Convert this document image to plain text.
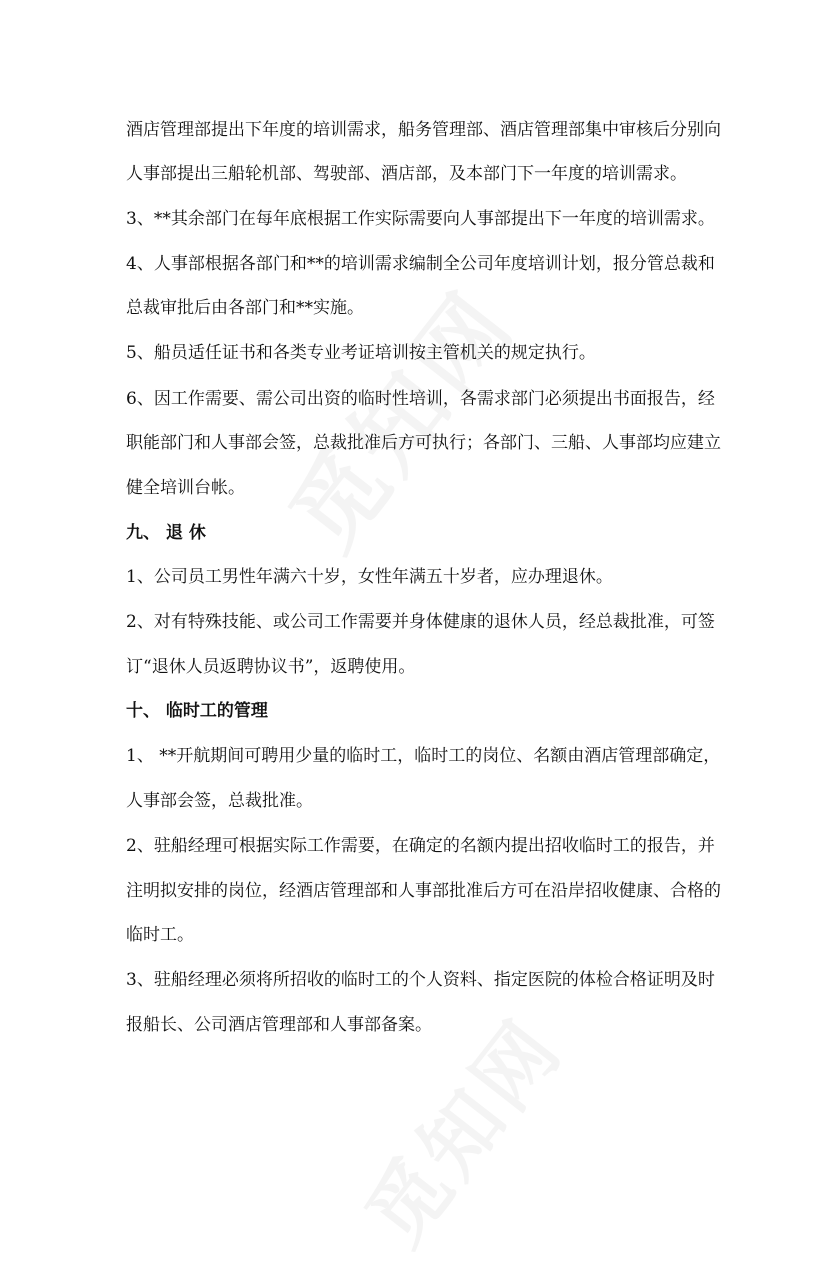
酒店管理部提出下年度的培训需求，船务管理部、酒店管理部集中审核后分别向
人事部提出三船轮机部、驾驶部、酒店部，及本部门下一年度的培训需求。
3、**其余部门在每年底根据工作实际需要向人事部提出下一年度的培训需求。
4、人事部根据各部门和**的培训需求编制全公司年度培训计划，报分管总裁和
总裁审批后由各部门和**实施。
5、船员适任证书和各类专业考证培训按主管机关的规定执行。
6、因工作需要、需公司出资的临时性培训，各需求部门必须提出书面报告，经
职能部门和人事部会签，总裁批准后方可执行；各部门、三船、人事部均应建立
健全培训台帐。
九、 退 休
1、公司员工男性年满六十岁，女性年满五十岁者，应办理退休。
2、对有特殊技能、或公司工作需要并身体健康的退休人员，经总裁批准，可签
订“退休人员返聘协议书”，返聘使用。
十、 临时工的管理
1、 **开航期间可聘用少量的临时工，临时工的岗位、名额由酒店管理部确定，
人事部会签，总裁批准。
2、驻船经理可根据实际工作需要，在确定的名额内提出招收临时工的报告，并
注明拟安排的岗位，经酒店管理部和人事部批准后方可在沿岸招收健康、合格的
临时工。
3、驻船经理必须将所招收的临时工的个人资料、指定医院的体检合格证明及时
报船长、公司酒店管理部和人事部备案。
